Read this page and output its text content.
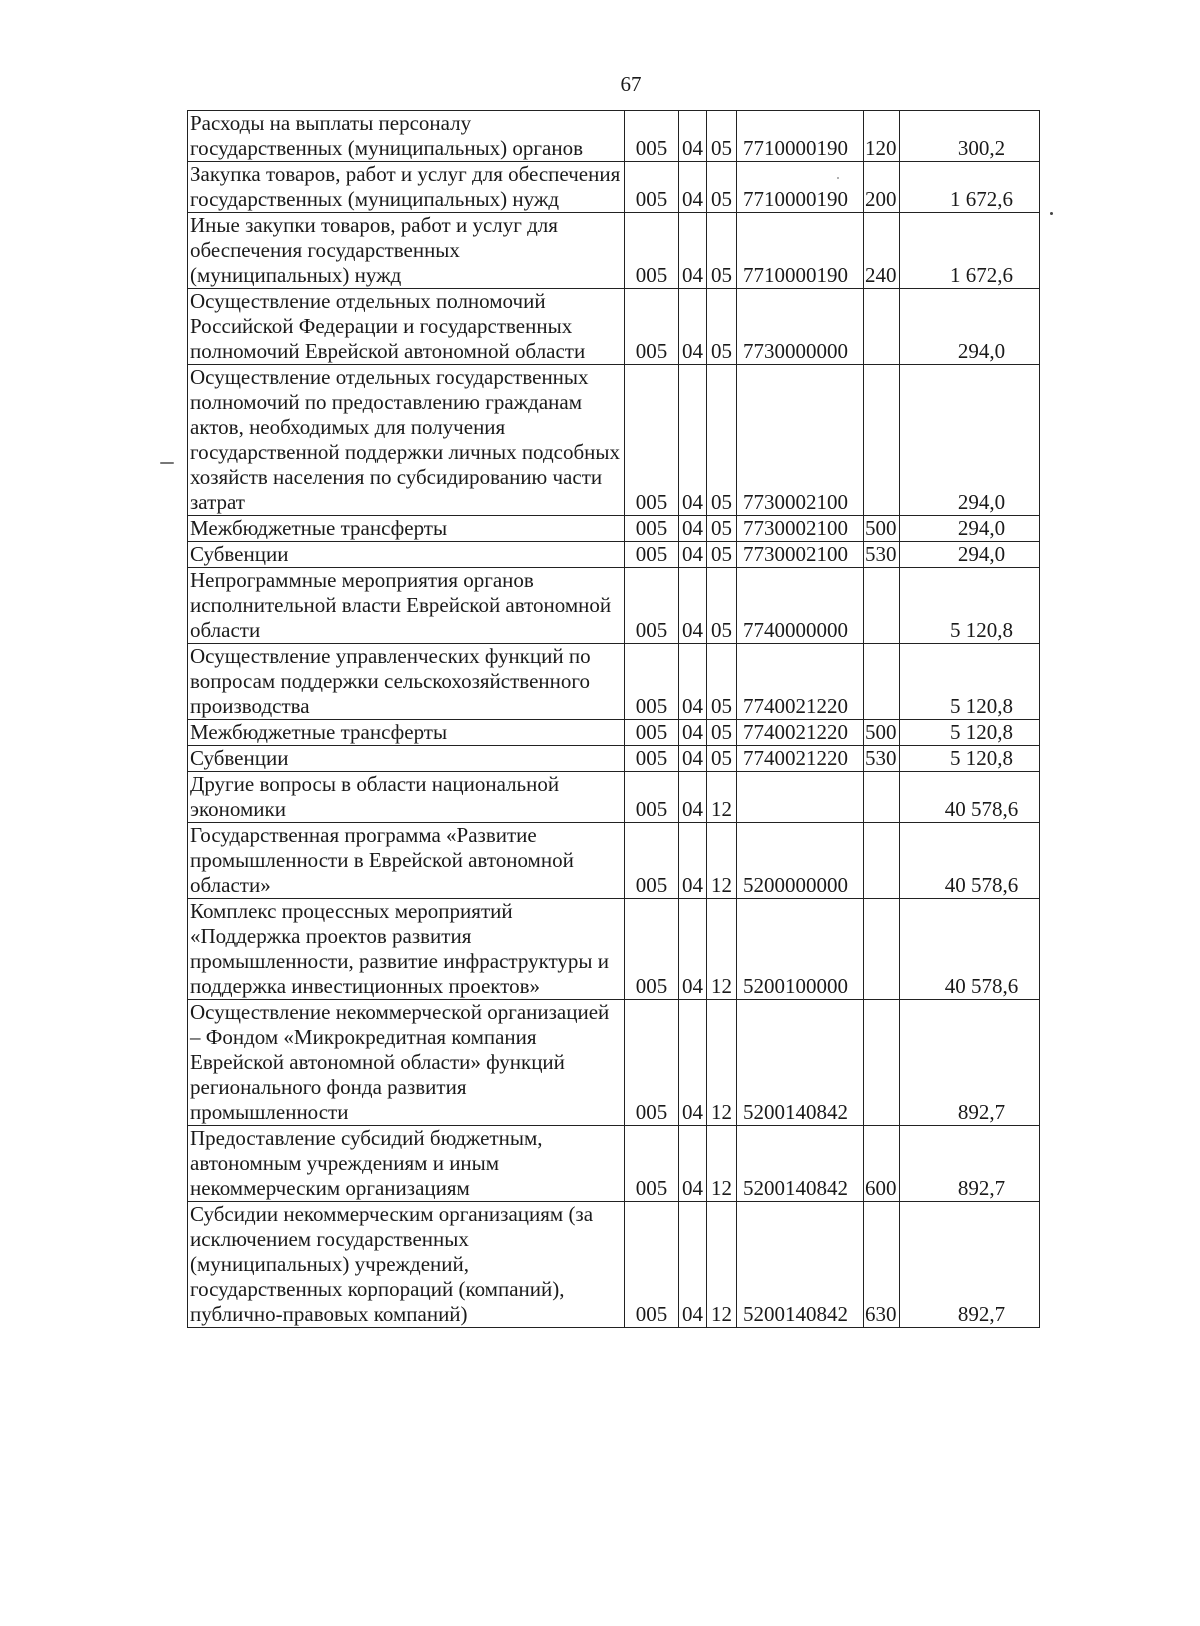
67
Расходы на выплаты персоналу государственных (муниципальных) органов	005	04	05	7710000190	120	300,2
Закупка товаров, работ и услуг для обеспечения государственных (муниципальных) нужд	005	04	05	7710000190	200	1 672,6
Иные закупки товаров, работ и услуг для обеспечения государственных (муниципальных) нужд	005	04	05	7710000190	240	1 672,6
Осуществление отдельных полномочий Российской Федерации и государственных полномочий Еврейской автономной области	005	04	05	7730000000		294,0
Осуществление отдельных государственных полномочий по предоставлению гражданам актов, необходимых для получения государственной поддержки личных подсобных хозяйств населения по субсидированию части затрат	005	04	05	7730002100		294,0
Межбюджетные трансферты	005	04	05	7730002100	500	294,0
Субвенции	005	04	05	7730002100	530	294,0
Непрограммные мероприятия органов исполнительной власти Еврейской автономной области	005	04	05	7740000000		5 120,8
Осуществление управленческих функций по вопросам поддержки сельскохозяйственного производства	005	04	05	7740021220		5 120,8
Межбюджетные трансферты	005	04	05	7740021220	500	5 120,8
Субвенции	005	04	05	7740021220	530	5 120,8
Другие вопросы в области национальной экономики	005	04	12			40 578,6
Государственная программа «Развитие промышленности в Еврейской автономной области»	005	04	12	5200000000		40 578,6
Комплекс процессных мероприятий «Поддержка проектов развития промышленности, развитие инфраструктуры и поддержка инвестиционных проектов»	005	04	12	5200100000		40 578,6
Осуществление некоммерческой организацией – Фондом «Микрокредитная компания Еврейской автономной области» функций регионального фонда развития промышленности	005	04	12	5200140842		892,7
Предоставление субсидий бюджетным, автономным учреждениям и иным некоммерческим организациям	005	04	12	5200140842	600	892,7
Субсидии некоммерческим организациям (за исключением государственных (муниципальных) учреждений, государственных корпораций (компаний), публично-правовых компаний)	005	04	12	5200140842	630	892,7
